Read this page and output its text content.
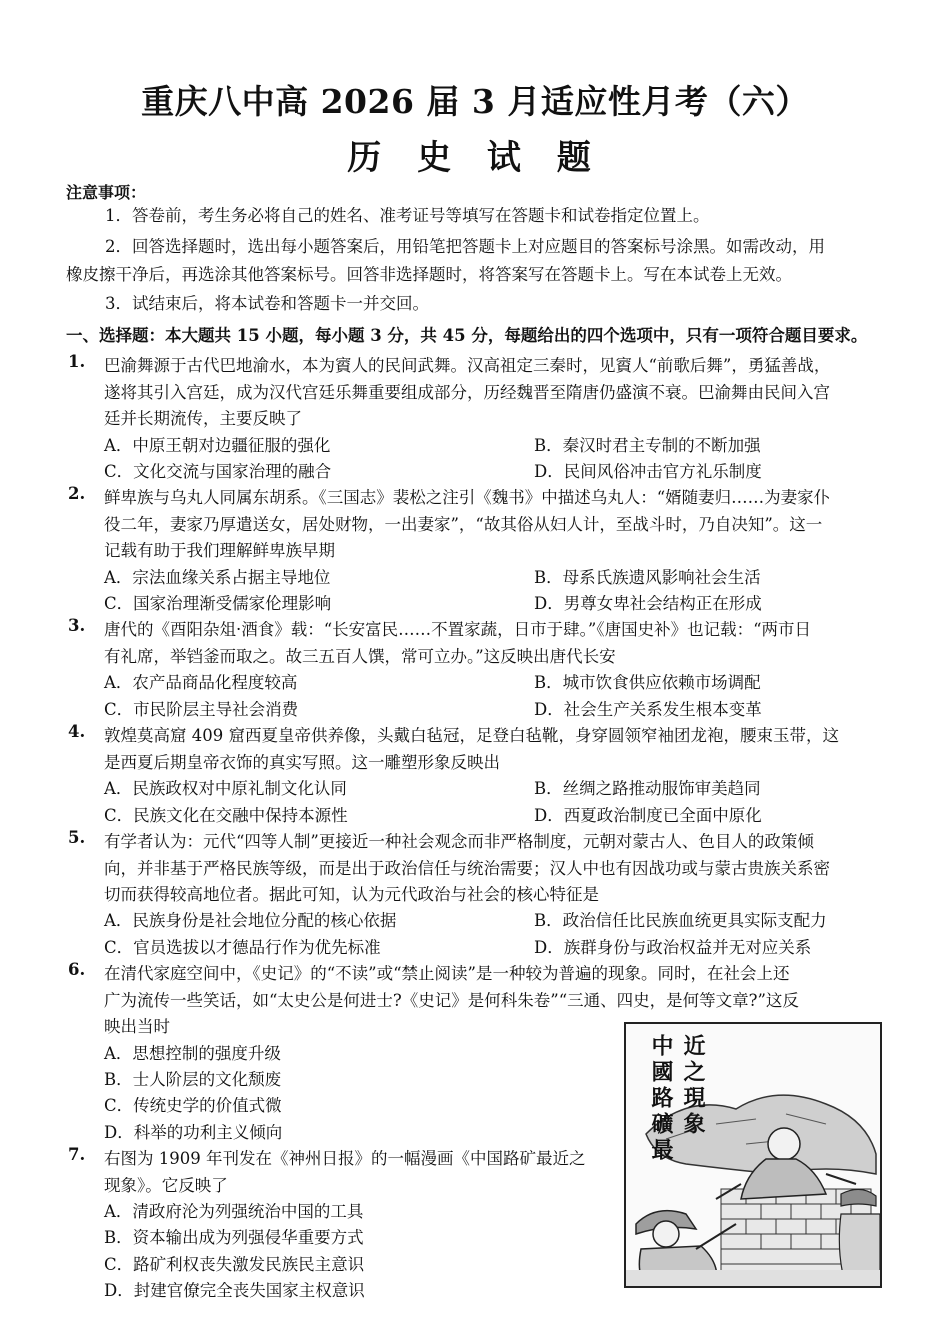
重庆八中高 2026 届 3 月适应性月考（六）
历 史 试 题
注意事项：
1．答卷前，考生务必将自己的姓名、准考证号等填写在答题卡和试卷指定位置上。
2．回答选择题时，选出每小题答案后，用铅笔把答题卡上对应题目的答案标号涂黑。如需改动，用
橡皮擦干净后，再选涂其他答案标号。回答非选择题时，将答案写在答题卡上。写在本试卷上无效。
3．试结束后，将本试卷和答题卡一并交回。
一、选择题：本大题共 15 小题，每小题 3 分，共 45 分，每题给出的四个选项中，只有一项符合题目要求。
1. 巴渝舞源于古代巴地渝水，本为賨人的民间武舞。汉高祖定三秦时，见賨人“前歌后舞”，勇猛善战，
遂将其引入宫廷，成为汉代宫廷乐舞重要组成部分，历经魏晋至隋唐仍盛演不衰。巴渝舞由民间入宫
廷并长期流传，主要反映了
A．中原王朝对边疆征服的强化	B．秦汉时君主专制的不断加强
C．文化交流与国家治理的融合	D．民间风俗冲击官方礼乐制度
2. 鲜卑族与乌丸人同属东胡系。《三国志》裴松之注引《魏书》中描述乌丸人：“婿随妻归……为妻家仆
役二年，妻家乃厚遣送女，居处财物，一出妻家”，“故其俗从妇人计，至战斗时，乃自决知”。这一
记载有助于我们理解鲜卑族早期
A．宗法血缘关系占据主导地位	B．母系氏族遗风影响社会生活
C．国家治理渐受儒家伦理影响	D．男尊女卑社会结构正在形成
3. 唐代的《酉阳杂俎·酒食》载：“长安富民……不置家蔬，日市于肆。”《唐国史补》也记载：“两市日
有礼席，举铛釜而取之。故三五百人馔，常可立办。”这反映出唐代长安
A．农产品商品化程度较高	B．城市饮食供应依赖市场调配
C．市民阶层主导社会消费	D．社会生产关系发生根本变革
4. 敦煌莫高窟 409 窟西夏皇帝供养像，头戴白毡冠，足登白毡靴，身穿圆领窄袖团龙袍，腰束玉带，这
是西夏后期皇帝衣饰的真实写照。这一雕塑形象反映出
A．民族政权对中原礼制文化认同	B．丝绸之路推动服饰审美趋同
C．民族文化在交融中保持本源性	D．西夏政治制度已全面中原化
5. 有学者认为：元代“四等人制”更接近一种社会观念而非严格制度，元朝对蒙古人、色目人的政策倾
向，并非基于严格民族等级，而是出于政治信任与统治需要；汉人中也有因战功或与蒙古贵族关系密
切而获得较高地位者。据此可知，认为元代政治与社会的核心特征是
A．民族身份是社会地位分配的核心依据	B．政治信任比民族血统更具实际支配力
C．官员选拔以才德品行作为优先标准	D．族群身份与政治权益并无对应关系
6. 在清代家庭空间中，《史记》的“不读”或“禁止阅读”是一种较为普遍的现象。同时，在社会上还
广为流传一些笑话，如“太史公是何进士?《史记》是何科朱卷”“三通、四史，是何等文章?”这反
映出当时
A．思想控制的强度升级
B．士人阶层的文化颓废
C．传统史学的价值式微
D．科举的功利主义倾向
7. 右图为 1909 年刊发在《神州日报》的一幅漫画《中国路矿最近之
现象》。它反映了
A．清政府沦为列强统治中国的工具
B．资本输出成为列强侵华重要方式
C．路矿利权丧失激发民族民主意识
D．封建官僚完全丧失国家主权意识
近之現象
中國路礦最
